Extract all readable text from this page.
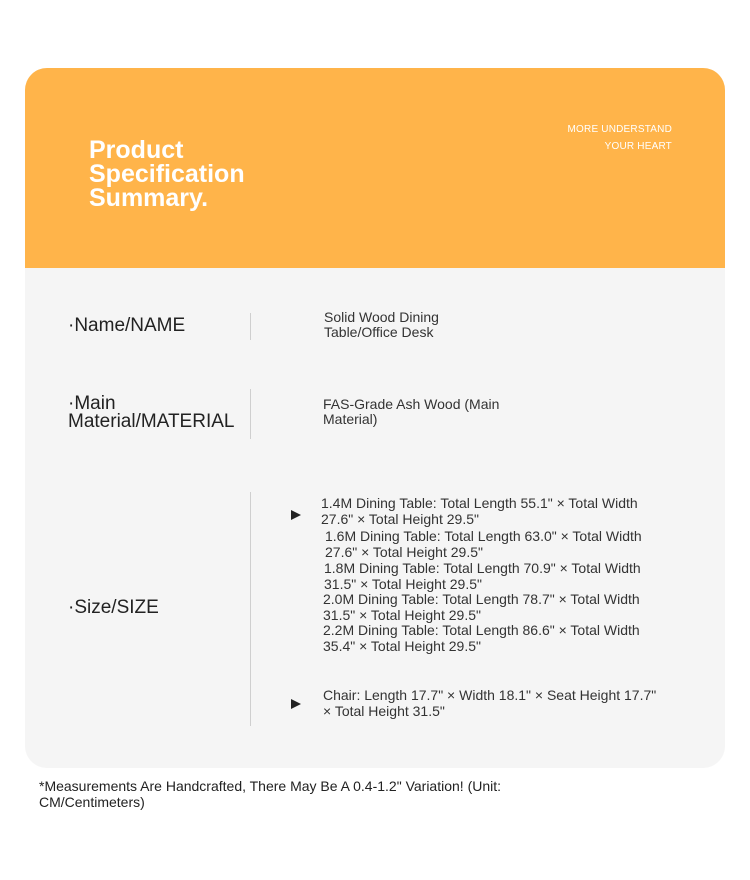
Product
Specification
Summary.
MORE UNDERSTAND
YOUR HEART
·Name/NAME	Solid Wood Dining
Table/Office Desk
·Main
Material/MATERIAL
FAS-Grade Ash Wood (Main
Material)
·Size/SIZE
1.4M Dining Table: Total Length 55.1" × Total Width
27.6" × Total Height 29.5"
1.6M Dining Table: Total Length 63.0" × Total Width
27.6" × Total Height 29.5"
1.8M Dining Table: Total Length 70.9" × Total Width
31.5" × Total Height 29.5"
2.0M Dining Table: Total Length 78.7" × Total Width
31.5" × Total Height 29.5"
2.2M Dining Table: Total Length 86.6" × Total Width
35.4" × Total Height 29.5"
Chair: Length 17.7" × Width 18.1" × Seat Height 17.7"
× Total Height 31.5"
*Measurements Are Handcrafted, There May Be A 0.4-1.2" Variation! (Unit:
CM/Centimeters)
